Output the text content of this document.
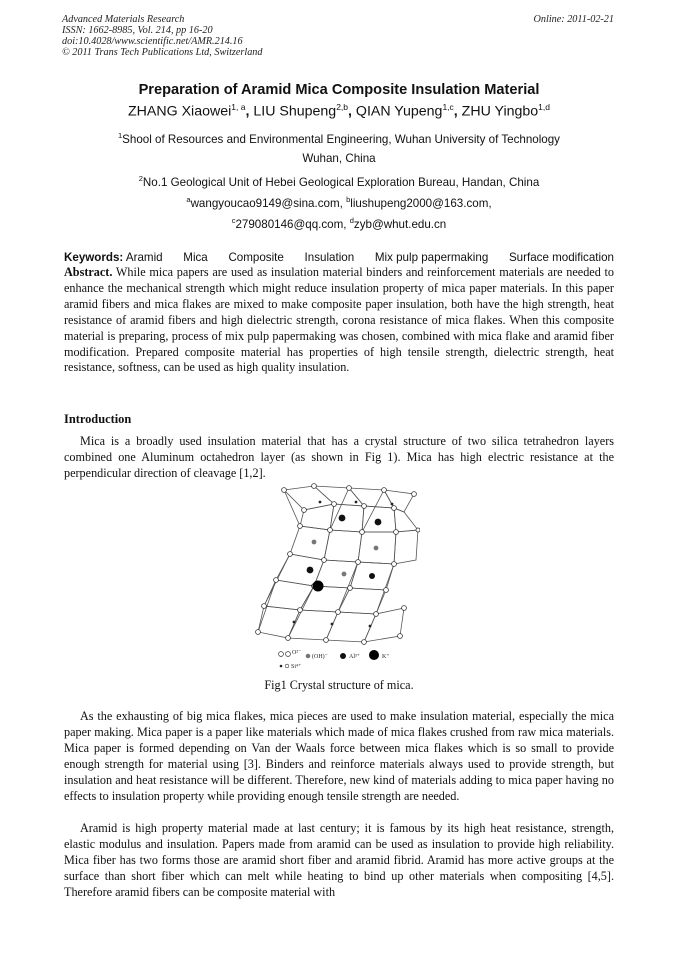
Advanced Materials Research
ISSN: 1662-8985, Vol. 214, pp 16-20
doi:10.4028/www.scientific.net/AMR.214.16
© 2011 Trans Tech Publications Ltd, Switzerland
Online: 2011-02-21
Preparation of Aramid Mica Composite Insulation Material
ZHANG Xiaowei$^{1, a}$, LIU Shupeng$^{2,b}$, QIAN Yupeng$^{1,c}$, ZHU Yingbo$^{1,d}$
$^1$Shool of Resources and Environmental Engineering, Wuhan University of Technology
Wuhan, China
$^2$No.1 Geological Unit of Hebei Geological Exploration Bureau, Handan, China
$^a$wangyoucao9149@sina.com, $^b$liushupeng2000@163.com,
$^c$279080146@qq.com, $^d$zyb@whut.edu.cn
Keywords: Aramid Mica Composite Insulation Mix pulp papermaking Surface modification
Abstract. While mica papers are used as insulation material binders and reinforcement materials are needed to enhance the mechanical strength which might reduce insulation property of mica paper materials. In this paper aramid fibers and mica flakes are mixed to make composite paper insulation, both have the high strength, heat resistance of aramid fibers and high dielectric strength, corona resistance of mica flakes. When this composite material is preparing, process of mix pulp papermaking was chosen, combined with mica flake and aramid fiber modification. Prepared composite material has properties of high tensile strength, dielectric strength, heat resistance, softness, can be used as high quality insulation.
Introduction
Mica is a broadly used insulation material that has a crystal structure of two silica tetrahedron layers combined one Aluminum octahedron layer (as shown in Fig 1). Mica has high electric resistance at the perpendicular direction of cleavage [1,2].
O²⁻
(OH)⁻	Al³⁺	K⁺
Si⁴⁺
Fig1 Crystal structure of mica.
As the exhausting of big mica flakes, mica pieces are used to make insulation material, especially the mica paper making. Mica paper is a paper like materials which made of mica flakes crushed from raw mica materials. Mica paper is formed depending on Van der Waals force between mica flakes which is so small to provide enough strength for material using [3]. Binders and reinforce materials always used to provide strength, but insulation and heat resistance will be different. Therefore, new kind of materials adding to mica paper having no effects to insulation property while providing enough tensile strength are needed.
Aramid is high property material made at last century; it is famous by its high heat resistance, strength, elastic modulus and insulation. Papers made from aramid can be used as insulation to provide high reliability. Mica fiber has two forms those are aramid short fiber and aramid fibrid. Aramid has more active groups at the surface than short fiber which can melt while heating to bind up other materials when compositing [4,5]. Therefore aramid fibers can be composite material with
